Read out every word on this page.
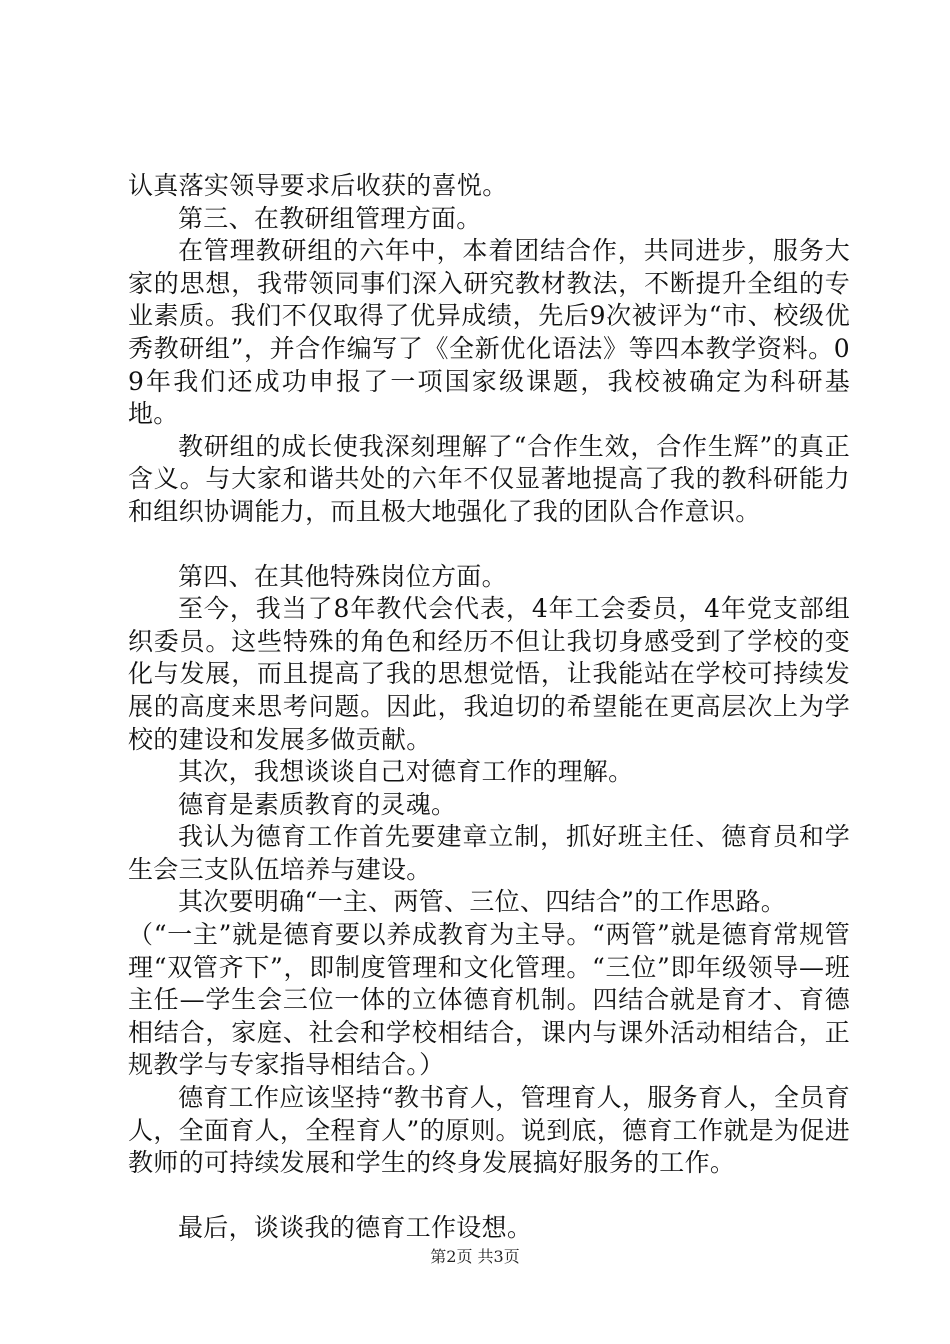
认真落实领导要求后收获的喜悦。

第三、在教研组管理方面。

在管理教研组的六年中，本着团结合作，共同进步，服务大家的思想，我带领同事们深入研究教材教法，不断提升全组的专业素质。我们不仅取得了优异成绩，先后9次被评为“市、校级优秀教研组”，并合作编写了《全新优化语法》等四本教学资料。09年我们还成功申报了一项国家级课题，我校被确定为科研基地。

教研组的成长使我深刻理解了“合作生效，合作生辉”的真正含义。与大家和谐共处的六年不仅显著地提高了我的教科研能力和组织协调能力，而且极大地强化了我的团队合作意识。

第四、在其他特殊岗位方面。

至今，我当了8年教代会代表，4年工会委员，4年党支部组织委员。这些特殊的角色和经历不但让我切身感受到了学校的变化与发展，而且提高了我的思想觉悟，让我能站在学校可持续发展的高度来思考问题。因此，我迫切的希望能在更高层次上为学校的建设和发展多做贡献。

其次，我想谈谈自己对德育工作的理解。

德育是素质教育的灵魂。

我认为德育工作首先要建章立制，抓好班主任、德育员和学生会三支队伍培养与建设。

其次要明确“一主、两管、三位、四结合”的工作思路。

（“一主”就是德育要以养成教育为主导。“两管”就是德育常规管理“双管齐下”，即制度管理和文化管理。“三位”即年级领导—班主任—学生会三位一体的立体德育机制。四结合就是育才、育德相结合，家庭、社会和学校相结合，课内与课外活动相结合，正规教学与专家指导相结合。）

德育工作应该坚持“教书育人，管理育人，服务育人，全员育人，全面育人，全程育人”的原则。说到底，德育工作就是为促进教师的可持续发展和学生的终身发展搞好服务的工作。

最后，谈谈我的德育工作设想。

第2页 共3页
